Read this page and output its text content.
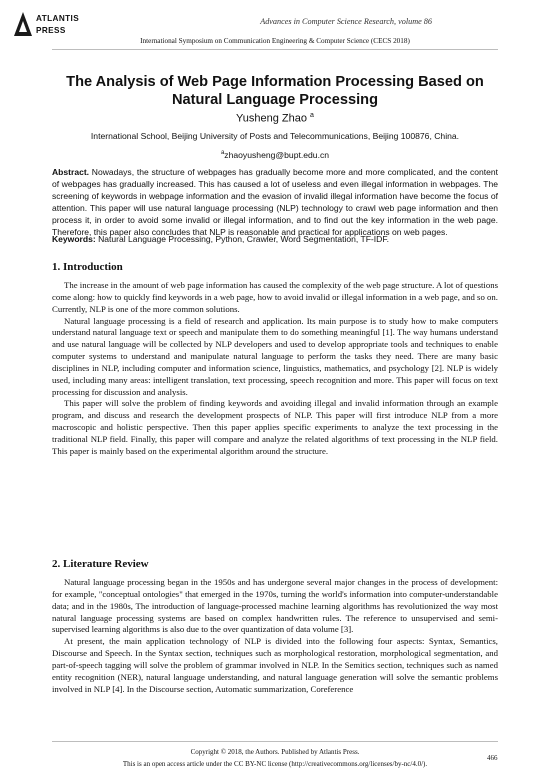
ATLANTIS
PRESS
Advances in Computer Science Research, volume 86
International Symposium on Communication Engineering & Computer Science (CECS 2018)
The Analysis of Web Page Information Processing Based on Natural Language Processing
Yusheng Zhao $^a$
International School, Beijing University of Posts and Telecommunications, Beijing 100876, China.
$^a$zhaoyusheng@bupt.edu.cn
Abstract. Nowadays, the structure of webpages has gradually become more and more complicated, and the content of webpages has gradually increased. This has caused a lot of useless and even illegal information in webpages. The screening of keywords in webpage information and the evasion of invalid illegal information have become the focus of attention. This paper will use natural language processing (NLP) technology to crawl web page information and then process it, in order to avoid some invalid or illegal information, and to find out the key information in the web page. Therefore, this paper also concludes that NLP is reasonable and practical for applications on web pages.
Keywords: Natural Language Processing, Python, Crawler, Word Segmentation, TF-IDF.
1. Introduction

The increase in the amount of web page information has caused the complexity of the web page structure. A lot of questions come along: how to quickly find keywords in a web page, how to avoid invalid or illegal information in a web page, and so on. Currently, NLP is one of the more common solutions.

Natural language processing is a field of research and application. Its main purpose is to study how to make computers understand natural language text or speech and manipulate them to do something meaningful [1]. The way humans understand and use natural language will be collected by NLP developers and used to develop appropriate tools and techniques to enable computer systems to understand and manipulate natural language to perform the tasks they need. There are many basic disciplines in NLP, including computer and information science, linguistics, mathematics, and psychology [2]. NLP is widely used, including many areas: intelligent translation, text processing, speech recognition and more. This paper will focus on text processing for discussion and analysis.

This paper will solve the problem of finding keywords and avoiding illegal and invalid information through an example program, and discuss and research the development prospects of NLP. This paper will first introduce NLP from a more macroscopic and holistic perspective. Then this paper applies specific experiments to analyze the text processing in the traditional NLP field. Finally, this paper will compare and analyze the related algorithms of text processing in the NLP field. This paper is mainly based on the experimental algorithm around the structure.

2. Literature Review

Natural language processing began in the 1950s and has undergone several major changes in the process of development: for example, "conceptual ontologies" that emerged in the 1970s, turning the world's information into computer-understandable data; and in the 1980s, The introduction of language-processed machine learning algorithms has revolutionized the way most natural language processing systems are based on complex handwritten rules. The reference to unsupervised and semi-supervised learning algorithms is also due to the over quantization of data volume [3].

At present, the main application technology of NLP is divided into the following four aspects: Syntax, Semantics, Discourse and Speech. In the Syntax section, techniques such as morphological restoration, morphological segmentation, and part-of-speech tagging will solve the problem of grammar involved in NLP. In the Semitics section, techniques such as named entity recognition (NER), natural language understanding, and natural language generation will solve the semantic problems involved in NLP [4]. In the Discourse section, Automatic summarization, Coreference

Copyright © 2018, the Authors. Published by Atlantis Press.
This is an open access article under the CC BY-NC license (http://creativecommons.org/licenses/by-nc/4.0/).
466
